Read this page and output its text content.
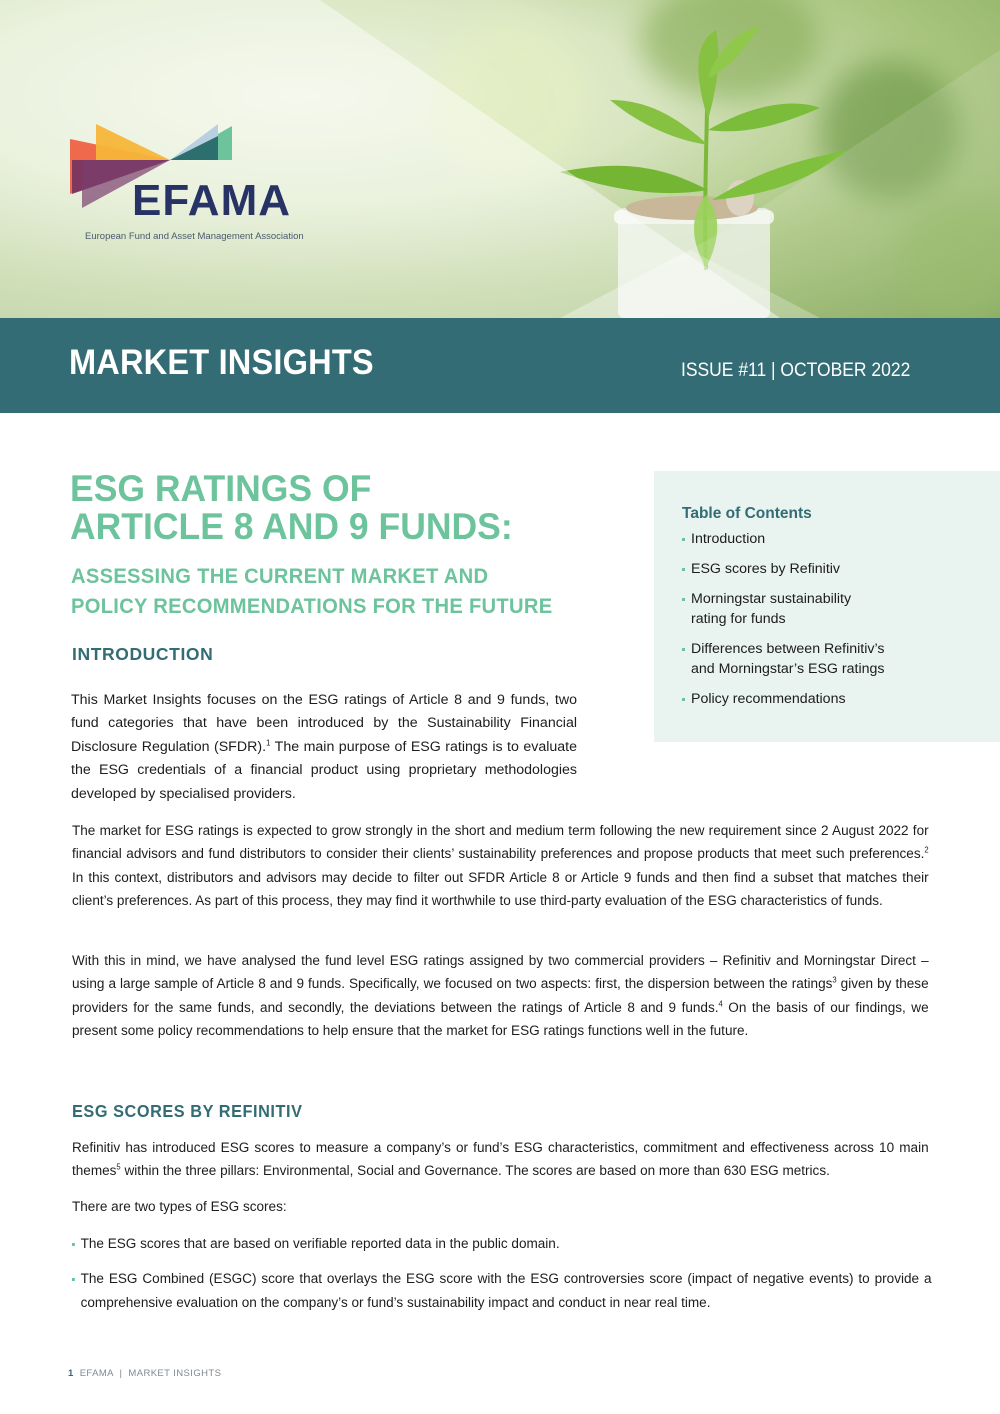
EFAMA
European Fund and Asset Management Association
MARKET INSIGHTS	ISSUE #11 | OCTOBER 2022
ESG RATINGS OF
ARTICLE 8 AND 9 FUNDS:
ASSESSING THE CURRENT MARKET AND
POLICY RECOMMENDATIONS FOR THE FUTURE
Table of Contents
Introduction
ESG scores by Refinitiv
Morningstar sustainability rating for funds
Differences between Refinitiv’s and Morningstar’s ESG ratings
Policy recommendations
INTRODUCTION

This Market Insights focuses on the ESG ratings of Article 8 and 9 funds, two fund categories that have been introduced by the Sustainability Financial Disclosure Regulation (SFDR).$^1$ The main purpose of ESG ratings is to evaluate the ESG credentials of a financial product using proprietary methodologies developed by specialised providers.

The market for ESG ratings is expected to grow strongly in the short and medium term following the new requirement since 2 August 2022 for financial advisors and fund distributors to consider their clients’ sustainability preferences and propose products that meet such preferences.$^2$ In this context, distributors and advisors may decide to filter out SFDR Article 8 or Article 9 funds and then find a subset that matches their client’s preferences. As part of this process, they may find it worthwhile to use third-party evaluation of the ESG characteristics of funds.

With this in mind, we have analysed the fund level ESG ratings assigned by two commercial providers – Refinitiv and Morningstar Direct – using a large sample of Article 8 and 9 funds. Specifically, we focused on two aspects: first, the dispersion between the ratings$^3$ given by these providers for the same funds, and secondly, the deviations between the ratings of Article 8 and 9 funds.$^4$ On the basis of our findings, we present some policy recommendations to help ensure that the market for ESG ratings functions well in the future.

ESG SCORES BY REFINITIV

Refinitiv has introduced ESG scores to measure a company’s or fund’s ESG characteristics, commitment and effectiveness across 10 main themes$^5$ within the three pillars: Environmental, Social and Governance. The scores are based on more than 630 ESG metrics.

There are two types of ESG scores:

The ESG scores that are based on verifiable reported data in the public domain.
The ESG Combined (ESGC) score that overlays the ESG score with the ESG controversies score (impact of negative events) to provide a comprehensive evaluation on the company’s or fund’s sustainability impact and conduct in near real time.
1 EFAMA  |  MARKET INSIGHTS
